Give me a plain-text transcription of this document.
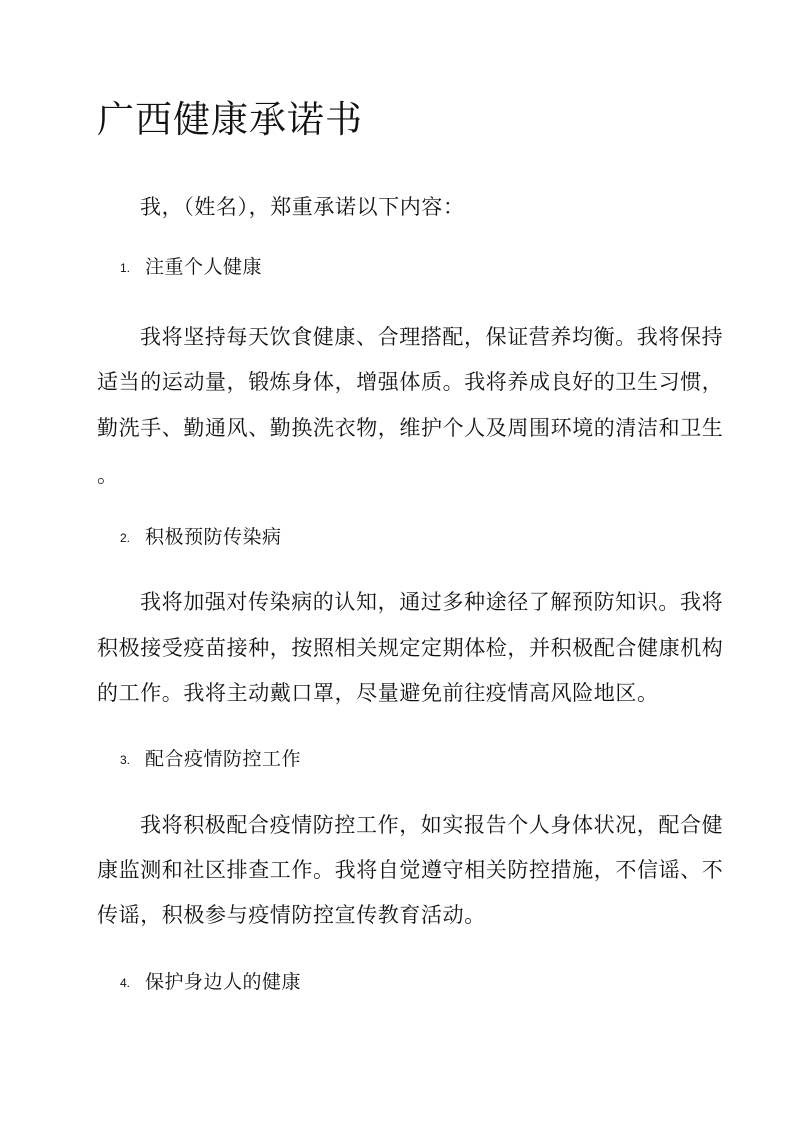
广西健康承诺书
我，（姓名），郑重承诺以下内容：
1. 注重个人健康
我将坚持每天饮食健康、合理搭配，保证营养均衡。我将保持
适当的运动量，锻炼身体，增强体质。我将养成良好的卫生习惯，
勤洗手、勤通风、勤换洗衣物，维护个人及周围环境的清洁和卫生
。
2. 积极预防传染病
我将加强对传染病的认知，通过多种途径了解预防知识。我将
积极接受疫苗接种，按照相关规定定期体检，并积极配合健康机构
的工作。我将主动戴口罩，尽量避免前往疫情高风险地区。
3. 配合疫情防控工作
我将积极配合疫情防控工作，如实报告个人身体状况，配合健
康监测和社区排查工作。我将自觉遵守相关防控措施，不信谣、不
传谣，积极参与疫情防控宣传教育活动。
4. 保护身边人的健康
